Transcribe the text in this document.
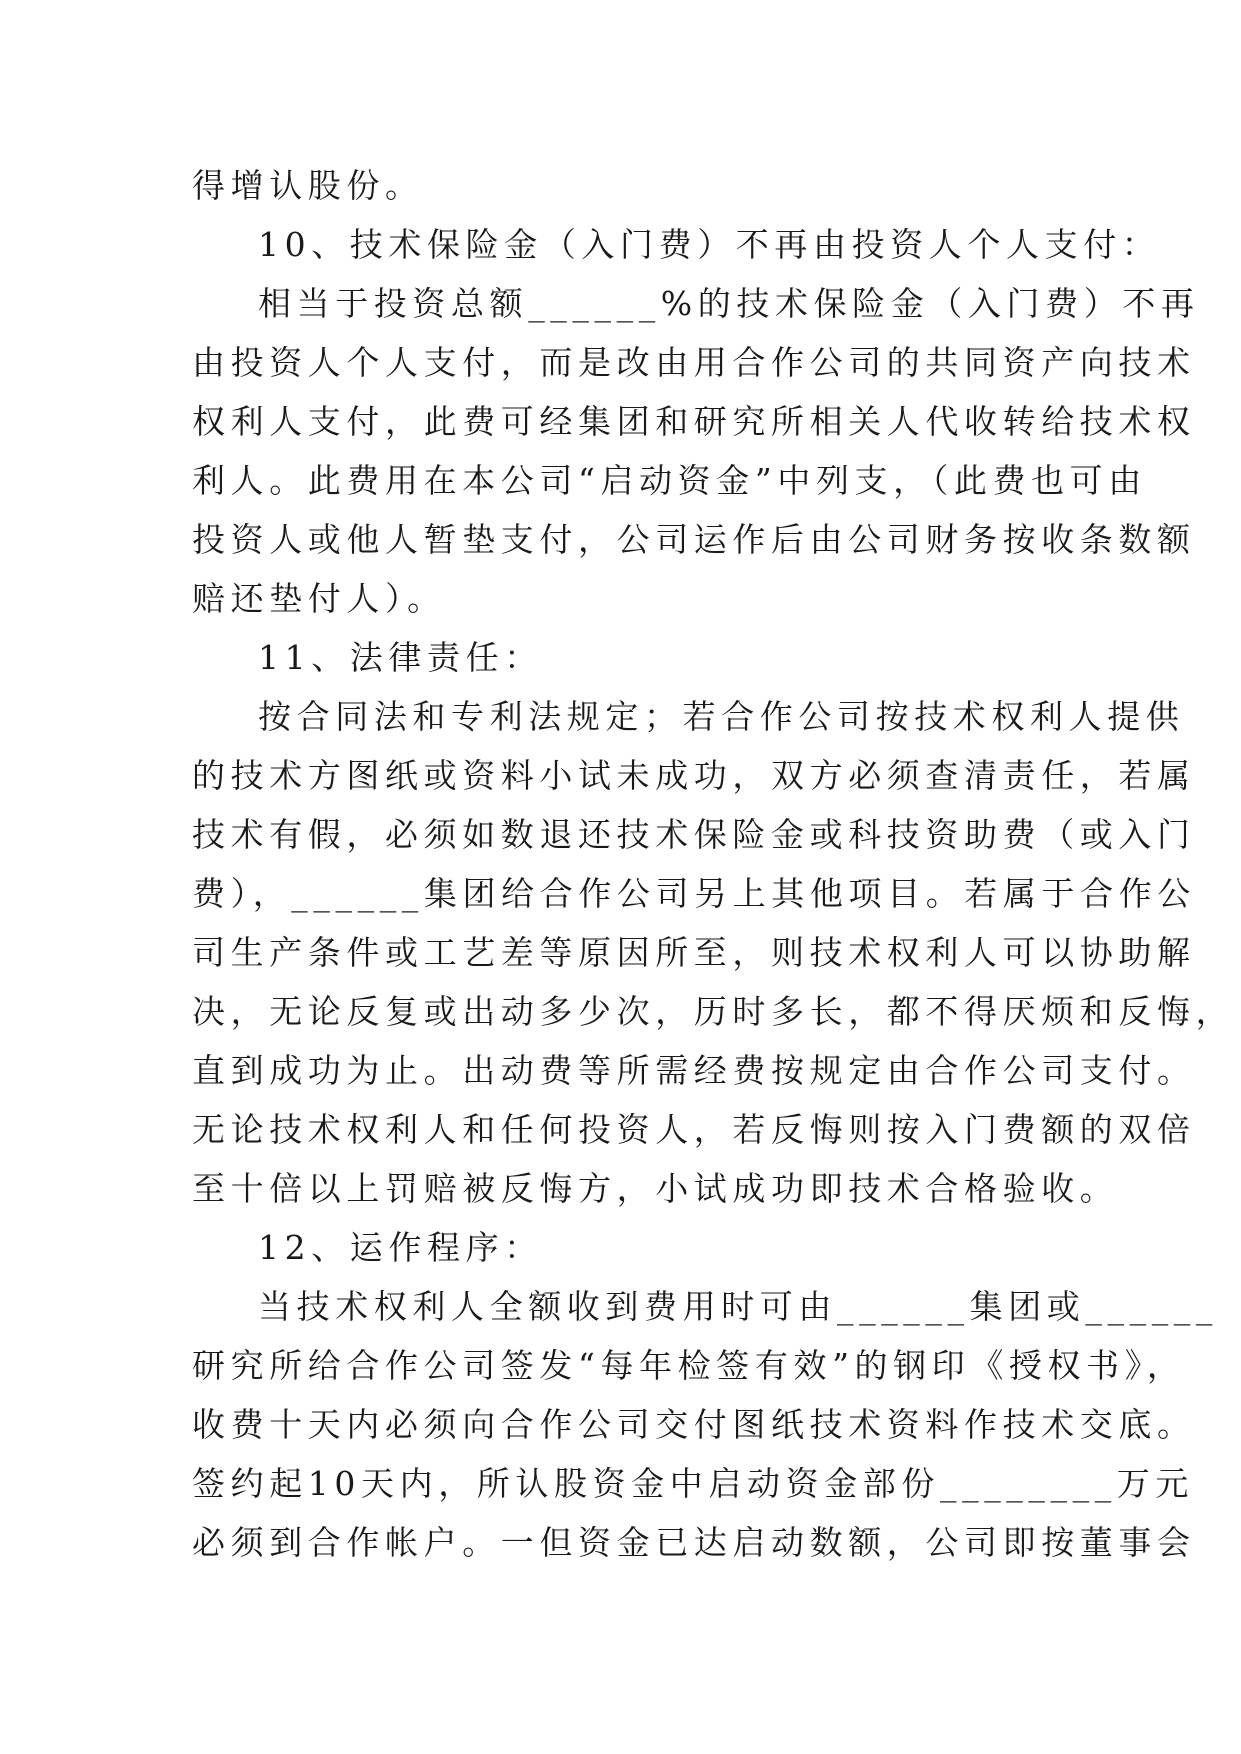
得增认股份。
10、技术保险金（入门费）不再由投资人个人支付：
相当于投资总额______%的技术保险金（入门费）不再
由投资人个人支付，而是改由用合作公司的共同资产向技术
权利人支付，此费可经集团和研究所相关人代收转给技术权
利人。此费用在本公司“启动资金”中列支，（此费也可由
投资人或他人暂垫支付，公司运作后由公司财务按收条数额
赔还垫付人）。
11、法律责任：
按合同法和专利法规定；若合作公司按技术权利人提供
的技术方图纸或资料小试未成功，双方必须查清责任，若属
技术有假，必须如数退还技术保险金或科技资助费（或入门
费），______集团给合作公司另上其他项目。若属于合作公
司生产条件或工艺差等原因所至，则技术权利人可以协助解
决，无论反复或出动多少次，历时多长，都不得厌烦和反悔，
直到成功为止。出动费等所需经费按规定由合作公司支付。
无论技术权利人和任何投资人，若反悔则按入门费额的双倍
至十倍以上罚赔被反悔方，小试成功即技术合格验收。
12、运作程序：
当技术权利人全额收到费用时可由______集团或______
研究所给合作公司签发“每年检签有效”的钢印《授权书》，
收费十天内必须向合作公司交付图纸技术资料作技术交底。
签约起10天内，所认股资金中启动资金部份________万元
必须到合作帐户。一但资金已达启动数额，公司即按董事会
